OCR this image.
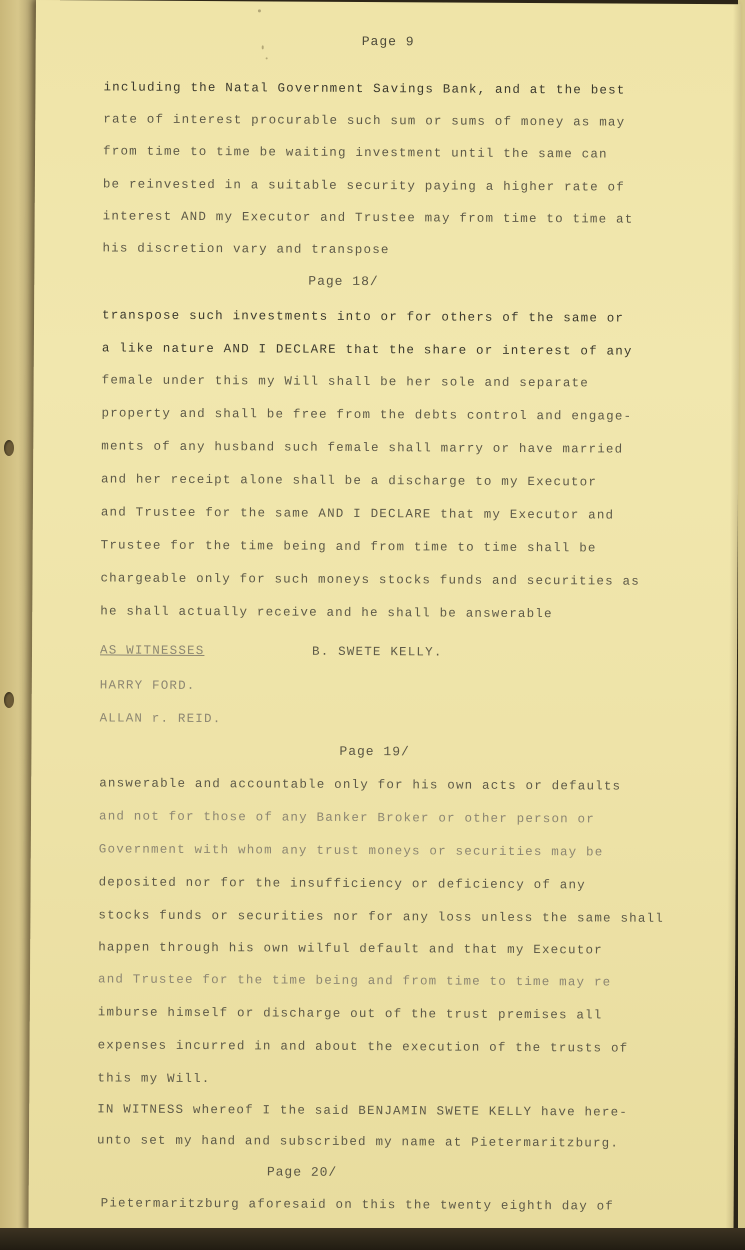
Page 9
including the Natal Government Savings Bank, and at the best
rate of interest procurable such sum or sums of money as may
from time to time be waiting investment until the same can
be reinvested in a suitable security paying a higher rate of
interest AND my Executor and Trustee may from time to time at
his discretion vary and transpose
Page 18/
transpose such investments into or for others of the same or
a like nature AND I DECLARE that the share or interest of any
female under this my Will shall be her sole and separate
property and shall be free from the debts control and engage-
ments of any husband such female shall marry or have married
and her receipt alone shall be a discharge to my Executor
and Trustee for the same AND I DECLARE that my Executor and
Trustee for the time being and from time to time shall be
chargeable only for such moneys stocks funds and securities as
he shall actually receive and he shall be answerable
AS WITNESSES	B. SWETE KELLY.
HARRY FORD.
ALLAN r. REID.
Page 19/
answerable and accountable only for his own acts or defaults
and not for those of any Banker Broker or other person or
Government with whom any trust moneys or securities may be
deposited nor for the insufficiency or deficiency of any
stocks funds or securities nor for any loss unless the same shall
happen through his own wilful default and that my Executor
and Trustee for the time being and from time to time may re
imburse himself or discharge out of the trust premises all
expenses incurred in and about the execution of the trusts of
this my Will.
IN WITNESS whereof I the said BENJAMIN SWETE KELLY have here-
unto set my hand and subscribed my name at Pietermaritzburg.
Page 20/
Pietermaritzburg aforesaid on this the twenty eighth day of
